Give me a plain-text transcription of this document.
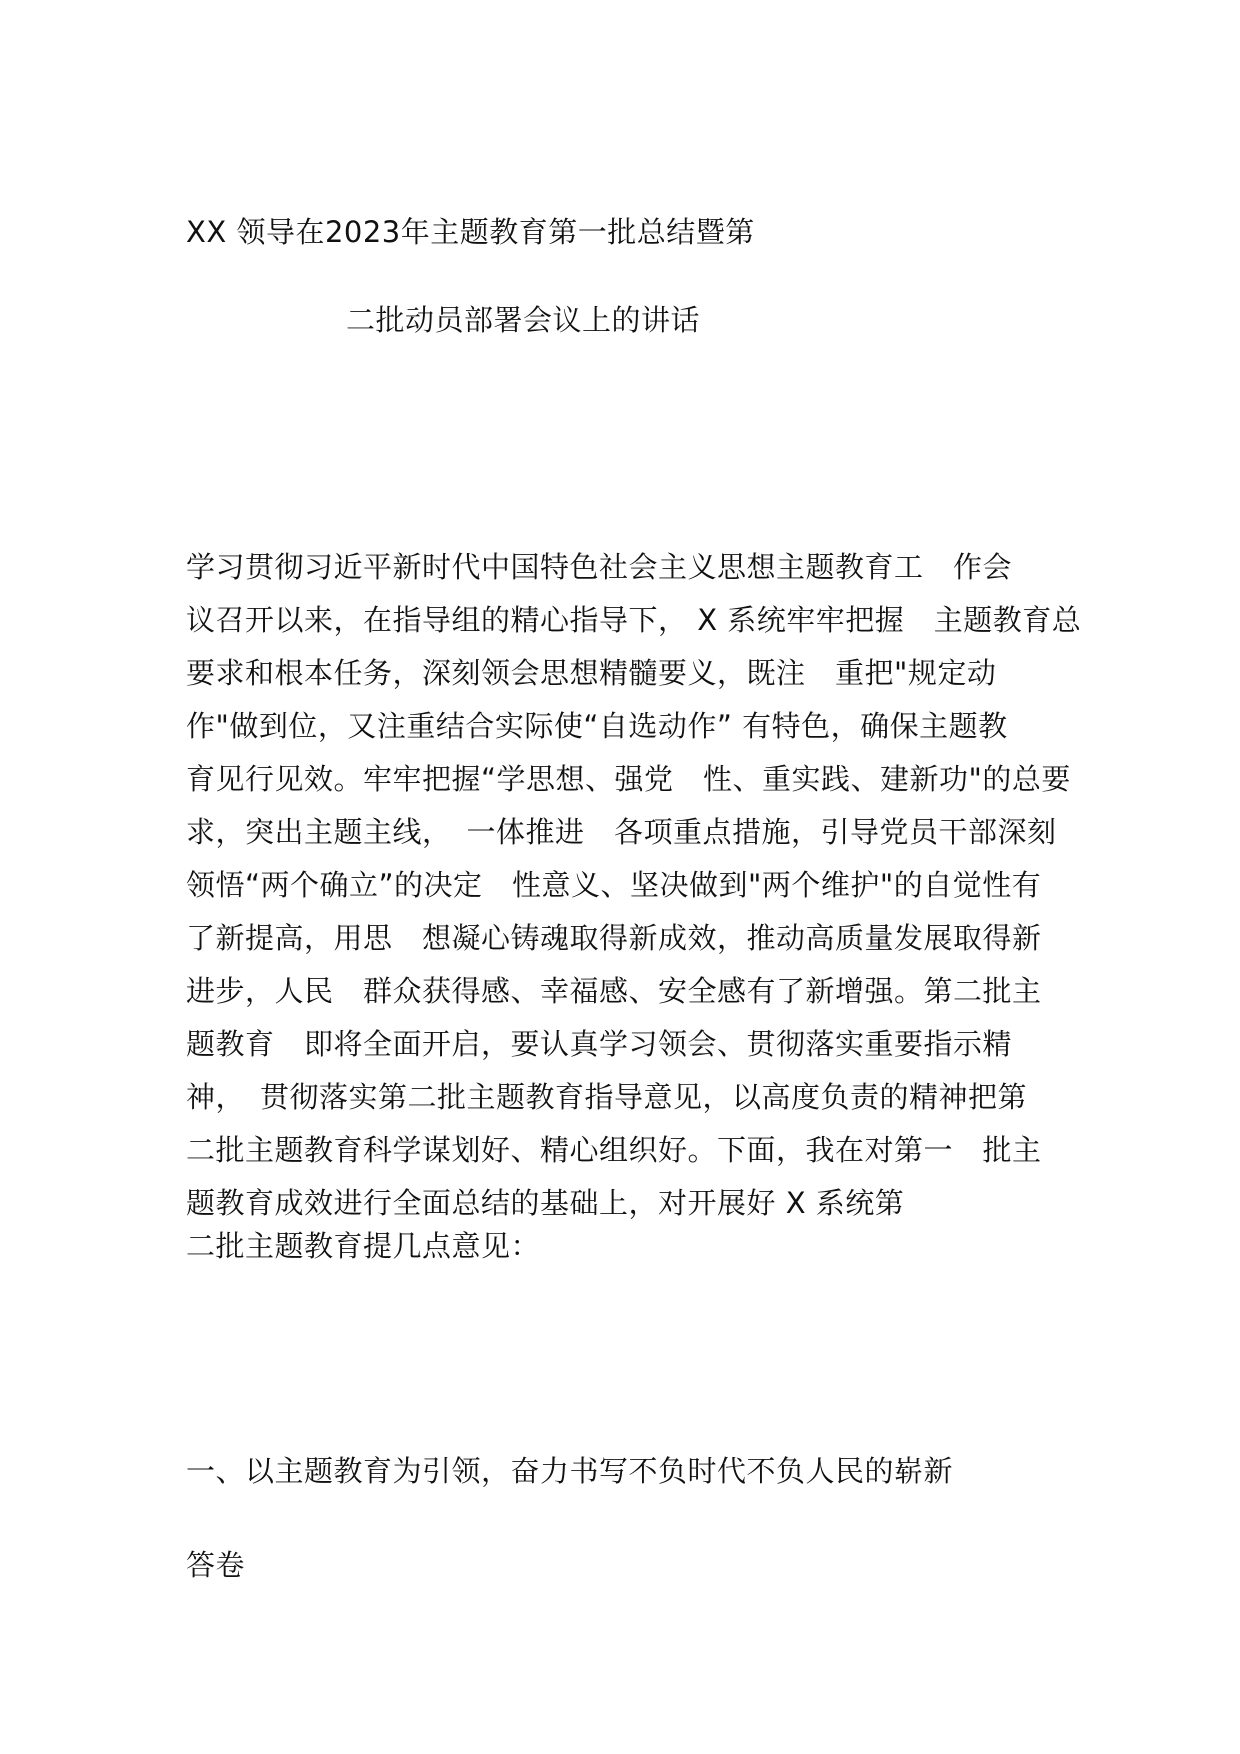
XX 领导在2023年主题教育第一批总结暨第
二批动员部署会议上的讲话
学习贯彻习近平新时代中国特色社会主义思想主题教育工　作会
议召开以来，在指导组的精心指导下， X 系统牢牢把握　主题教育总
要求和根本任务，深刻领会思想精髓要义，既注　重把"规定动
作"做到位，又注重结合实际使“自选动作” 有特色，确保主题教
育见行见效。牢牢把握“学思想、强党　性、重实践、建新功"的总要
求，突出主题主线，　一体推进　各项重点措施，引导党员干部深刻
领悟“两个确立”的决定　性意义、坚决做到"两个维护"的自觉性有
了新提高，用思　想凝心铸魂取得新成效，推动高质量发展取得新
进步，人民　群众获得感、幸福感、安全感有了新增强。第二批主
题教育　即将全面开启，要认真学习领会、贯彻落实重要指示精
神，　贯彻落实第二批主题教育指导意见，以高度负责的精神把第
二批主题教育科学谋划好、精心组织好。下面，我在对第一　批主
题教育成效进行全面总结的基础上，对开展好 X 系统第
二批主题教育提几点意见：
一、以主题教育为引领，奋力书写不负时代不负人民的崭新
答卷
